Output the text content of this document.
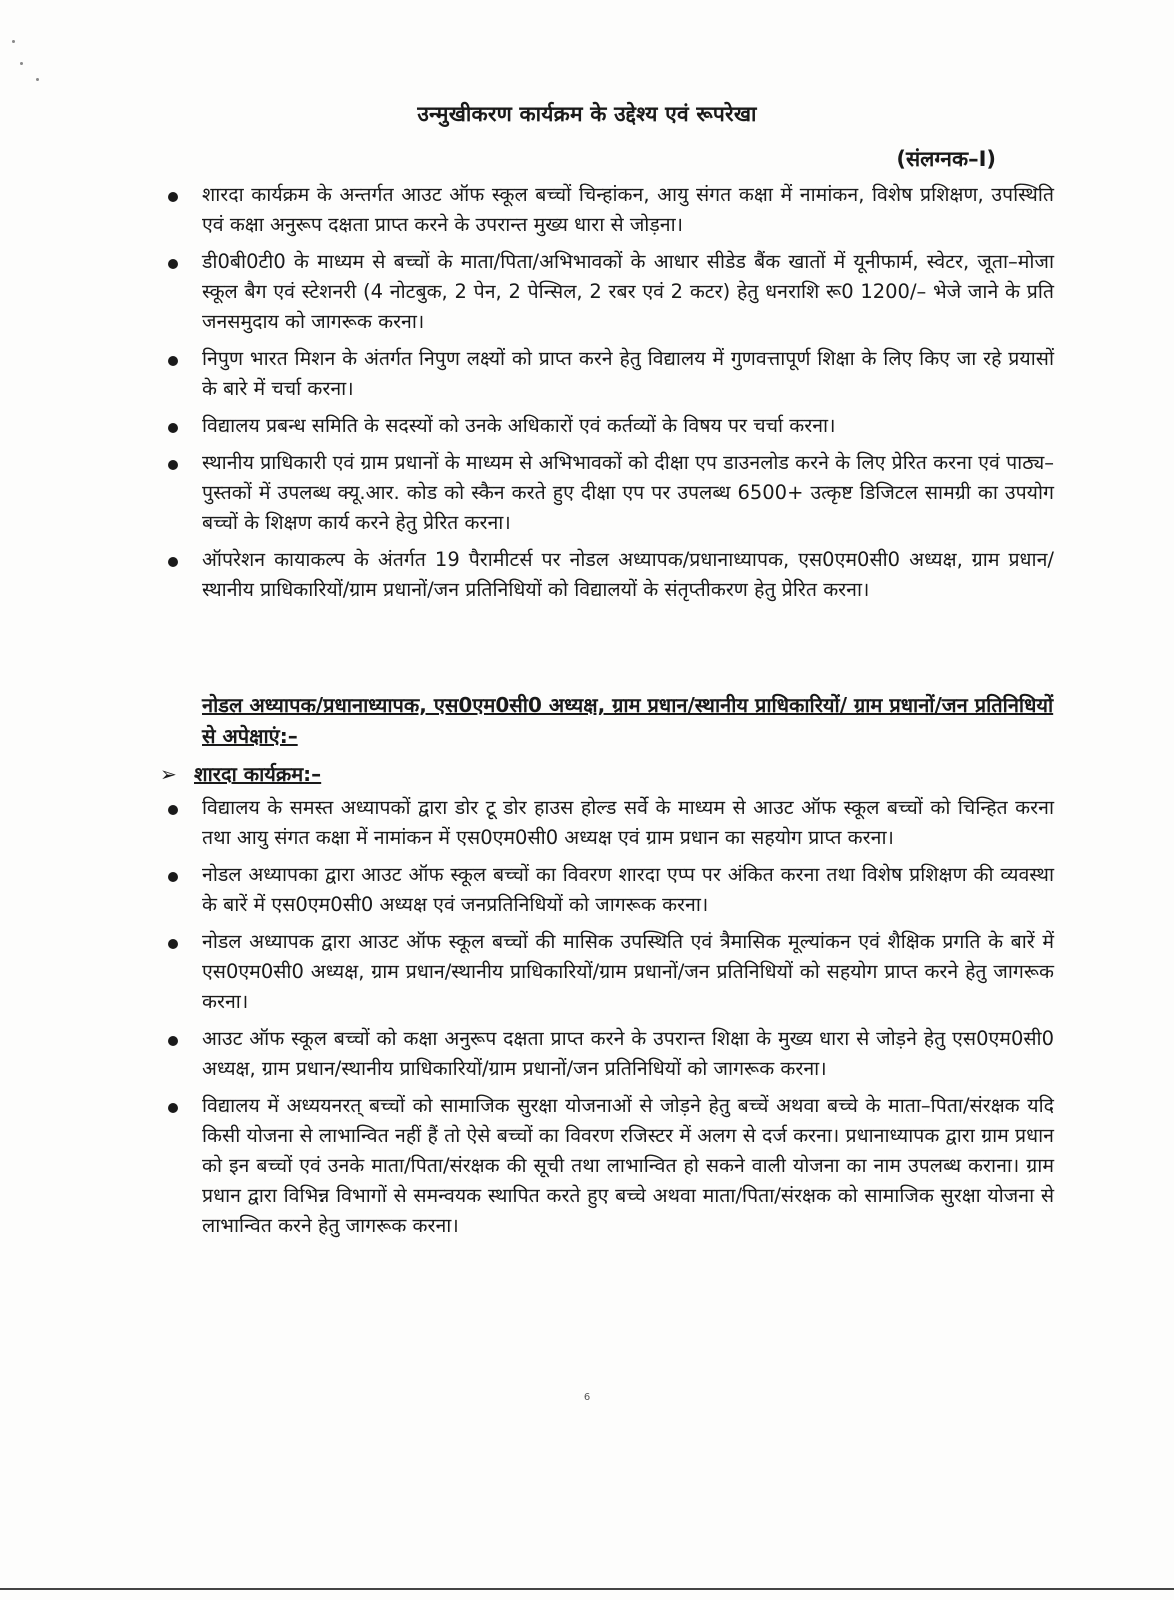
उन्मुखीकरण कार्यक्रम के उद्देश्य एवं रूपरेखा
(संलग्नक–I)
शारदा कार्यक्रम के अन्तर्गत आउट ऑफ स्कूल बच्चों चिन्हांकन, आयु संगत कक्षा में नामांकन, विशेष प्रशिक्षण, उपस्थिति एवं कक्षा अनुरूप दक्षता प्राप्त करने के उपरान्त मुख्य धारा से जोड़ना।
डी0बी0टी0 के माध्यम से बच्चों के माता/पिता/अभिभावकों के आधार सीडेड बैंक खातों में यूनीफार्म, स्वेटर, जूता–मोजा स्कूल बैग एवं स्टेशनरी (4 नोटबुक, 2 पेन, 2 पेन्सिल, 2 रबर एवं 2 कटर) हेतु धनराशि रू0 1200/– भेजे जाने के प्रति जनसमुदाय को जागरूक करना।
निपुण भारत मिशन के अंतर्गत निपुण लक्ष्यों को प्राप्त करने हेतु विद्यालय में गुणवत्तापूर्ण शिक्षा के लिए किए जा रहे प्रयासों के बारे में चर्चा करना।
विद्यालय प्रबन्ध समिति के सदस्यों को उनके अधिकारों एवं कर्तव्यों के विषय पर चर्चा करना।
स्थानीय प्राधिकारी एवं ग्राम प्रधानों के माध्यम से अभिभावकों को दीक्षा एप डाउनलोड करने के लिए प्रेरित करना एवं पाठ्य–पुस्तकों में उपलब्ध क्यू.आर. कोड को स्कैन करते हुए दीक्षा एप पर उपलब्ध 6500+ उत्कृष्ट डिजिटल सामग्री का उपयोग बच्चों के शिक्षण कार्य करने हेतु प्रेरित करना।
ऑपरेशन कायाकल्प के अंतर्गत 19 पैरामीटर्स पर नोडल अध्यापक/प्रधानाध्यापक, एस0एम0सी0 अध्यक्ष, ग्राम प्रधान/स्थानीय प्राधिकारियों/ग्राम प्रधानों/जन प्रतिनिधियों को विद्यालयों के संतृप्तीकरण हेतु प्रेरित करना।
नोडल अध्यापक/प्रधानाध्यापक, एस0एम0सी0 अध्यक्ष, ग्राम प्रधान/स्थानीय प्राधिकारियों/ ग्राम प्रधानों/जन प्रतिनिधियों से अपेक्षाएं:–
➢ शारदा कार्यक्रम:–
विद्यालय के समस्त अध्यापकों द्वारा डोर टू डोर हाउस होल्ड सर्वे के माध्यम से आउट ऑफ स्कूल बच्चों को चिन्हित करना तथा आयु संगत कक्षा में नामांकन में एस0एम0सी0 अध्यक्ष एवं ग्राम प्रधान का सहयोग प्राप्त करना।
नोडल अध्यापका द्वारा आउट ऑफ स्कूल बच्चों का विवरण शारदा एप्प पर अंकित करना तथा विशेष प्रशिक्षण की व्यवस्था के बारें में एस0एम0सी0 अध्यक्ष एवं जनप्रतिनिधियों को जागरूक करना।
नोडल अध्यापक द्वारा आउट ऑफ स्कूल बच्चों की मासिक उपस्थिति एवं त्रैमासिक मूल्यांकन एवं शैक्षिक प्रगति के बारें में एस0एम0सी0 अध्यक्ष, ग्राम प्रधान/स्थानीय प्राधिकारियों/ग्राम प्रधानों/जन प्रतिनिधियों को सहयोग प्राप्त करने हेतु जागरूक करना।
आउट ऑफ स्कूल बच्चों को कक्षा अनुरूप दक्षता प्राप्त करने के उपरान्त शिक्षा के मुख्य धारा से जोड़ने हेतु एस0एम0सी0 अध्यक्ष, ग्राम प्रधान/स्थानीय प्राधिकारियों/ग्राम प्रधानों/जन प्रतिनिधियों को जागरूक करना।
विद्यालय में अध्ययनरत् बच्चों को सामाजिक सुरक्षा योजनाओं से जोड़ने हेतु बच्चें अथवा बच्चे के माता–पिता/संरक्षक यदि किसी योजना से लाभान्वित नहीं हैं तो ऐसे बच्चों का विवरण रजिस्टर में अलग से दर्ज करना। प्रधानाध्यापक द्वारा ग्राम प्रधान को इन बच्चों एवं उनके माता/पिता/संरक्षक की सूची तथा लाभान्वित हो सकने वाली योजना का नाम उपलब्ध कराना। ग्राम प्रधान द्वारा विभिन्न विभागों से समन्वयक स्थापित करते हुए बच्चे अथवा माता/पिता/संरक्षक को सामाजिक सुरक्षा योजना से लाभान्वित करने हेतु जागरूक करना।
6
